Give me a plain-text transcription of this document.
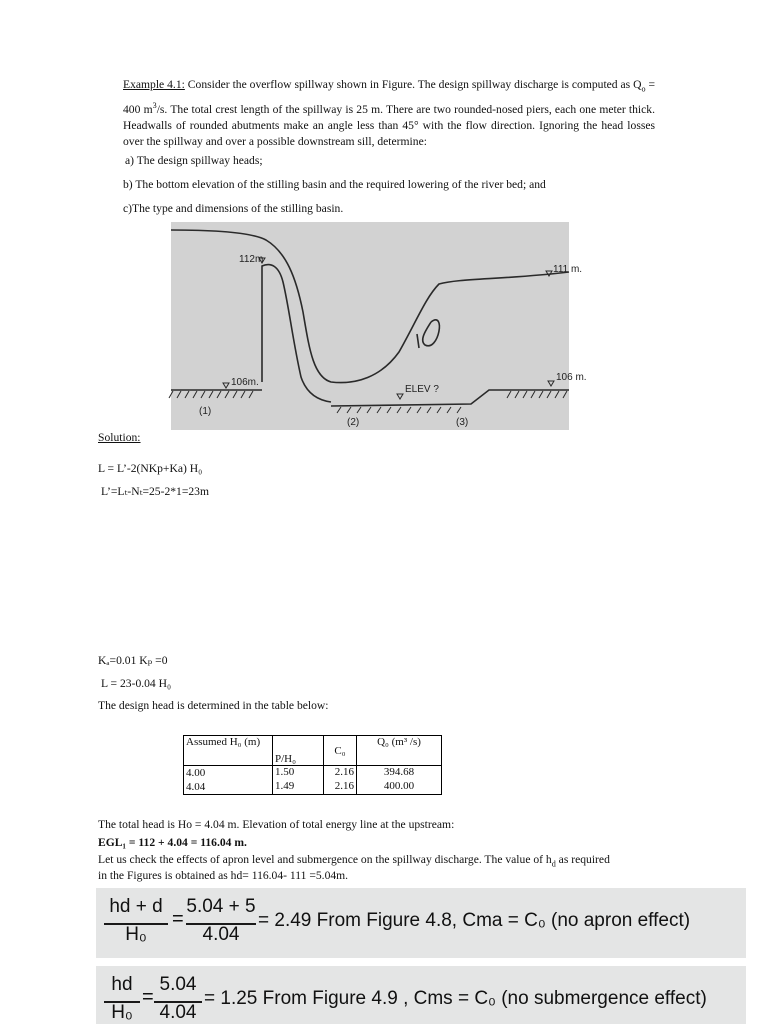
Example 4.1: Consider the overflow spillway shown in Figure. The design spillway discharge is computed as $Q_o = 400$ $m^3/s$. The total crest length of the spillway is 25 m. There are two rounded-nosed piers, each one meter thick. Headwalls of rounded abutments make an angle less than 45° with the flow direction. Ignoring the head losses over the spillway and over a possible downstream sill, determine:
a) The design spillway heads;
b) The bottom elevation of the stilling basin and the required lowering of the river bed; and
c)The type and dimensions of the stilling basin.
112m
111 m.
106m.	106 m.
ELEV ?
(1)
(2)	(3)
Solution:
L = L’-2(NKp+Ka) H₀
L’=Lₜ-Nₜ=25-2*1=23m
Kₐ=0.01 Kₚ =0
L = 23-0.04 H₀
The design head is determined in the table below:
Assumed H₀ (m)	P/H₀	C₀	Q₀ (m³ /s)
4.00	1.50	2.16	394.68
4.04	1.49	2.16	400.00
The total head is Ho = 4.04 m. Elevation of total energy line at the upstream:
EGL₁ = 112 + 4.04 = 116.04 m.
Let us check the effects of apron level and submergence on the spillway discharge. The value of $h_d$ as required
in the Figures is obtained as hd= 116.04- 111 =5.04m.
hd + d
H₀
=
5.04 + 5
4.04
= 2.49 From Figure 4.8, Cma = C₀ (no apron effect)
hd
H₀
=
5.04
4.04
= 1.25 From Figure 4.9 , Cms = C₀ (no submergence effect)
